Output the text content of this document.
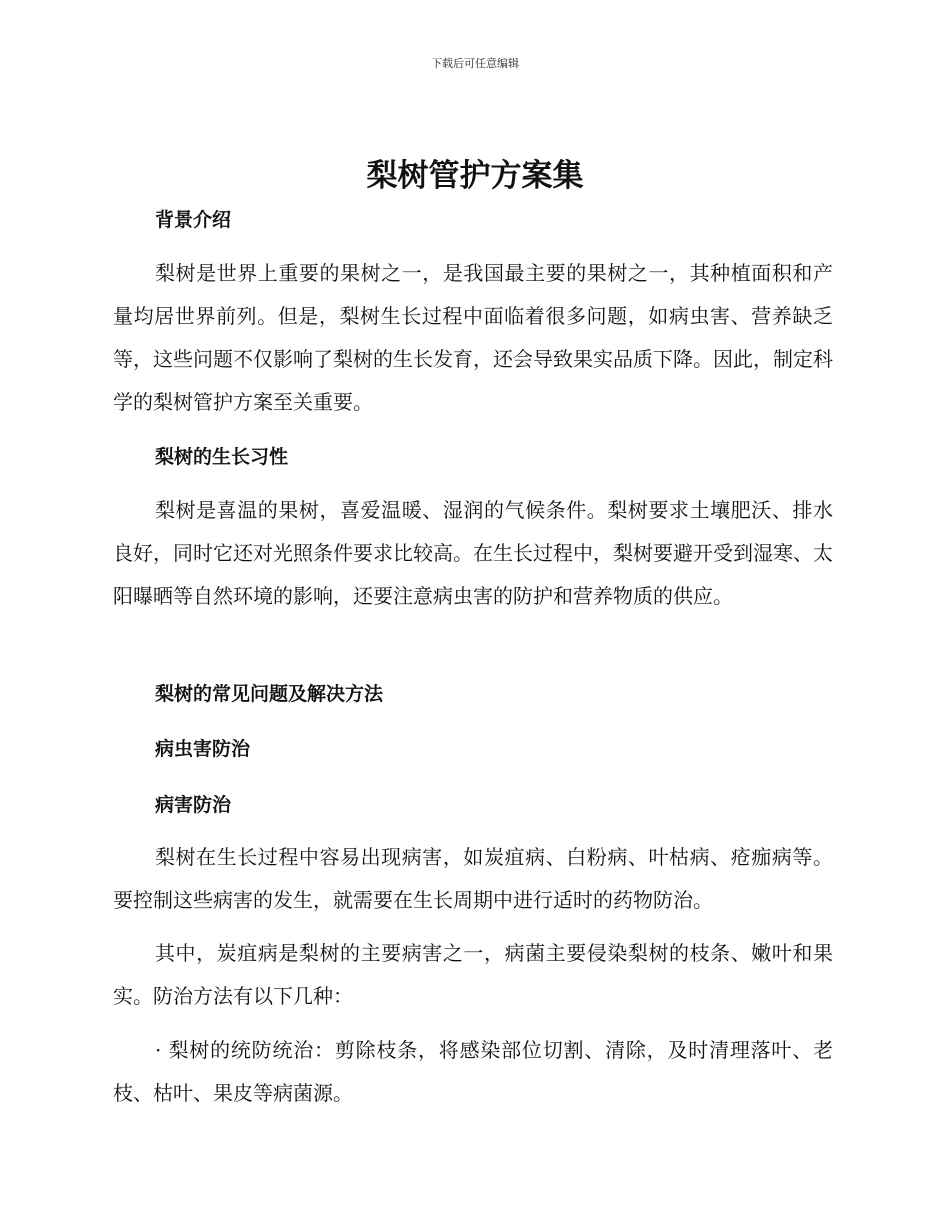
下载后可任意编辑
梨树管护方案集
背景介绍

梨树是世界上重要的果树之一，是我国最主要的果树之一，其种植面积和产量均居世界前列。但是，梨树生长过程中面临着很多问题，如病虫害、营养缺乏等，这些问题不仅影响了梨树的生长发育，还会导致果实品质下降。因此，制定科学的梨树管护方案至关重要。

梨树的生长习性

梨树是喜温的果树，喜爱温暖、湿润的气候条件。梨树要求土壤肥沃、排水良好，同时它还对光照条件要求比较高。在生长过程中，梨树要避开受到湿寒、太阳曝晒等自然环境的影响，还要注意病虫害的防护和营养物质的供应。

梨树的常见问题及解决方法
病虫害防治
病害防治

梨树在生长过程中容易出现病害，如炭疽病、白粉病、叶枯病、疮痂病等。要控制这些病害的发生，就需要在生长周期中进行适时的药物防治。

其中，炭疽病是梨树的主要病害之一，病菌主要侵染梨树的枝条、嫩叶和果实。防治方法有以下几种：

· 梨树的统防统治：剪除枝条，将感染部位切割、清除，及时清理落叶、老枝、枯叶、果皮等病菌源。
